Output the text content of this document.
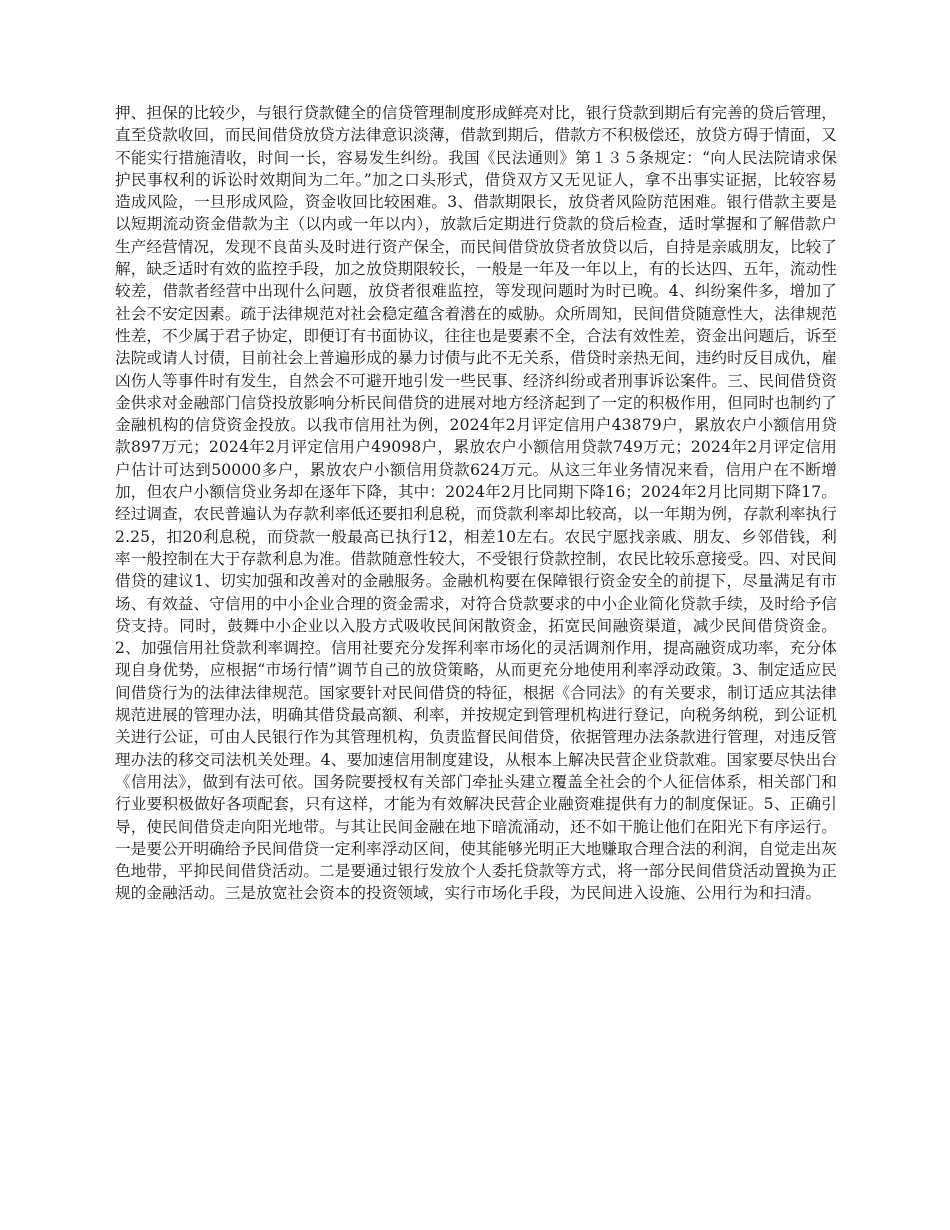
押、担保的比较少，与银行贷款健全的信贷管理制度形成鲜亮对比，银行贷款到期后有完善的贷后管理，直至贷款收回，而民间借贷放贷方法律意识淡薄，借款到期后，借款方不积极偿还，放贷方碍于情面，又不能实行措施清收，时间一长，容易发生纠纷。我国《民法通则》第１３５条规定：“向人民法院请求保护民事权利的诉讼时效期间为二年。”加之口头形式，借贷双方又无见证人，拿不出事实证据，比较容易造成风险，一旦形成风险，资金收回比较困难。3、借款期限长，放贷者风险防范困难。银行借款主要是以短期流动资金借款为主（以内或一年以内），放款后定期进行贷款的贷后检查，适时掌握和了解借款户生产经营情况，发现不良苗头及时进行资产保全，而民间借贷放贷者放贷以后，自持是亲戚朋友，比较了解，缺乏适时有效的监控手段，加之放贷期限较长，一般是一年及一年以上，有的长达四、五年，流动性较差，借款者经营中出现什么问题，放贷者很难监控，等发现问题时为时已晚。4、纠纷案件多，增加了社会不安定因素。疏于法律规范对社会稳定蕴含着潜在的威胁。众所周知，民间借贷随意性大，法律规范性差，不少属于君子协定，即便订有书面协议，往往也是要素不全，合法有效性差，资金出问题后，诉至法院或请人讨债，目前社会上普遍形成的暴力讨债与此不无关系，借贷时亲热无间，违约时反目成仇，雇凶伤人等事件时有发生，自然会不可避开地引发一些民事、经济纠纷或者刑事诉讼案件。三、民间借贷资金供求对金融部门信贷投放影响分析民间借贷的进展对地方经济起到了一定的积极作用，但同时也制约了金融机构的信贷资金投放。以我市信用社为例，2024年2月评定信用户43879户，累放农户小额信用贷款897万元；2024年2月评定信用户49098户，累放农户小额信用贷款749万元；2024年2月评定信用户估计可达到50000多户，累放农户小额信用贷款624万元。从这三年业务情况来看，信用户在不断增加，但农户小额信贷业务却在逐年下降，其中：2024年2月比同期下降16；2024年2月比同期下降17。经过调查，农民普遍认为存款利率低还要扣利息税，而贷款利率却比较高，以一年期为例，存款利率执行2.25，扣20利息税，而贷款一般最高已执行12，相差10左右。农民宁愿找亲戚、朋友、乡邻借钱，利率一般控制在大于存款利息为准。借款随意性较大，不受银行贷款控制，农民比较乐意接受。四、对民间借贷的建议1、切实加强和改善对的金融服务。金融机构要在保障银行资金安全的前提下，尽量满足有市场、有效益、守信用的中小企业合理的资金需求，对符合贷款要求的中小企业简化贷款手续，及时给予信贷支持。同时，鼓舞中小企业以入股方式吸收民间闲散资金，拓宽民间融资渠道，减少民间借贷资金。2、加强信用社贷款利率调控。信用社要充分发挥利率市场化的灵活调剂作用，提高融资成功率，充分体现自身优势，应根据“市场行情”调节自己的放贷策略，从而更充分地使用利率浮动政策。3、制定适应民间借贷行为的法律法律规范。国家要针对民间借贷的特征，根据《合同法》的有关要求，制订适应其法律规范进展的管理办法，明确其借贷最高额、利率，并按规定到管理机构进行登记，向税务纳税，到公证机关进行公证，可由人民银行作为其管理机构，负责监督民间借贷，依据管理办法条款进行管理，对违反管理办法的移交司法机关处理。4、要加速信用制度建设，从根本上解决民营企业贷款难。国家要尽快出台《信用法》，做到有法可依。国务院要授权有关部门牵扯头建立覆盖全社会的个人征信体系，相关部门和行业要积极做好各项配套，只有这样，才能为有效解决民营企业融资难提供有力的制度保证。5、正确引导，使民间借贷走向阳光地带。与其让民间金融在地下暗流涌动，还不如干脆让他们在阳光下有序运行。一是要公开明确给予民间借贷一定利率浮动区间，使其能够光明正大地赚取合理合法的利润，自觉走出灰色地带，平抑民间借贷活动。二是要通过银行发放个人委托贷款等方式，将一部分民间借贷活动置换为正规的金融活动。三是放宽社会资本的投资领域，实行市场化手段，为民间进入设施、公用行为和扫清。
